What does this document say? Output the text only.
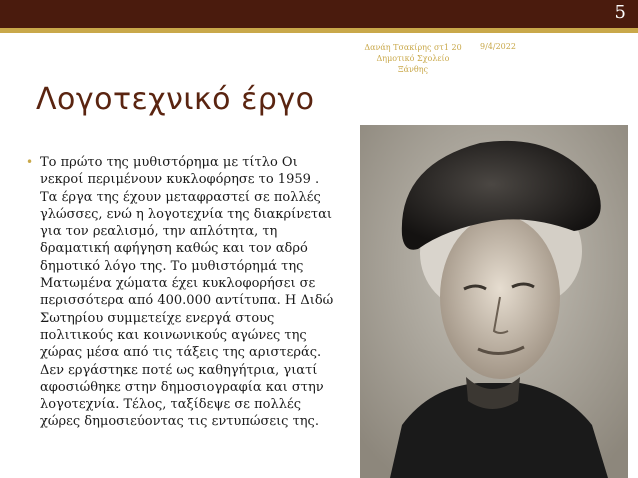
5
Δανάη Τσακίρης στ1 20 Δημοτικό Σχολείο Ξάνθης
9/4/2022
Λογοτεχνικό έργο
• Το πρώτο της μυθιστόρημα με τίτλο Οι νεκροί περιμένουν κυκλοφόρησε το 1959 . Τα έργα της έχουν μεταφραστεί σε πολλές γλώσσες, ενώ η λογοτεχνία της διακρίνεται για τον ρεαλισμό, την απλότητα, τη δραματική αφήγηση καθώς και τον αδρό δημοτικό λόγο της. Το μυθιστόρημά της Ματωμένα χώματα έχει κυκλοφορήσει σε περισσότερα από 400.000 αντίτυπα. Η Διδώ Σωτηρίου συμμετείχε ενεργά στους πολιτικούς και κοινωνικούς αγώνες της χώρας μέσα από τις τάξεις της αριστεράς. Δεν εργάστηκε ποτέ ως καθηγήτρια, γιατί αφοσιώθηκε στην δημοσιογραφία και στην λογοτεχνία. Τέλος, ταξίδεψε σε πολλές χώρες δημοσιεύοντας τις εντυπώσεις της.
